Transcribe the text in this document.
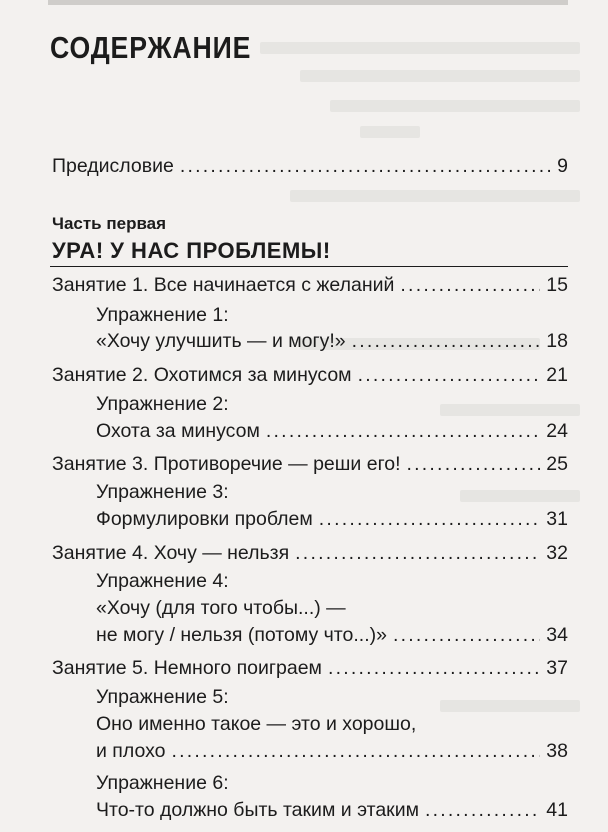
СОДЕРЖАНИЕ
Предисловие . . .	9
Часть первая
УРА! У НАС ПРОБЛЕМЫ!
Занятие 1. Все начинается с желаний . . .	15
Упражнение 1:
«Хочу улучшить — и могу!» . . .	18
Занятие 2. Охотимся за минусом . . .	21
Упражнение 2:
Охота за минусом . . .	24
Занятие 3. Противоречие — реши его! . . .	25
Упражнение 3:
Формулировки проблем . . .	31
Занятие 4. Хочу — нельзя . . .	32
Упражнение 4:
«Хочу (для того чтобы...) —
не могу / нельзя (потому что...)» . . .	34
Занятие 5. Немного поиграем . . .	37
Упражнение 5:
Оно именно такое — это и хорошо,
и плохо . . .	38
Упражнение 6:
Что-то должно быть таким и этаким . . .	41
